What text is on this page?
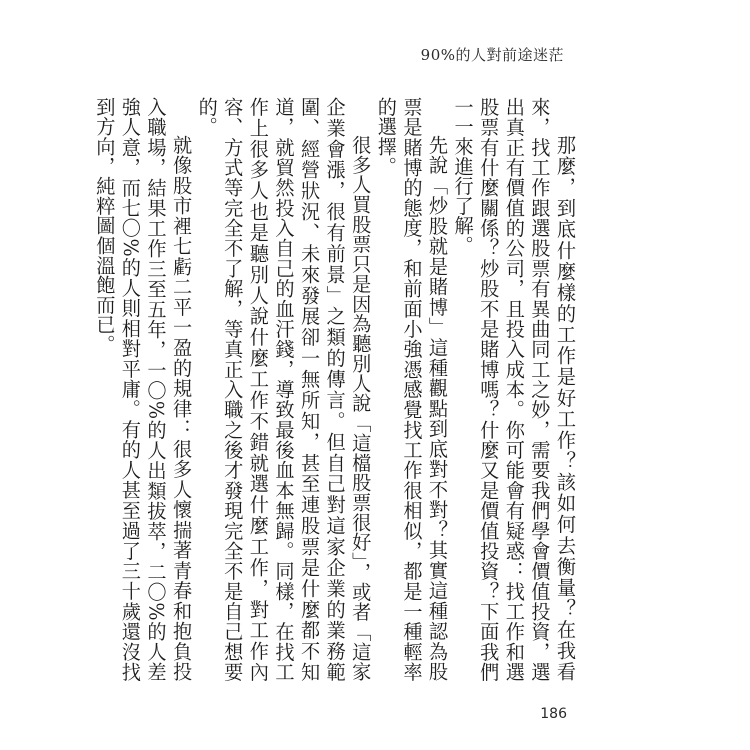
90%的人對前途迷茫

那麼，到底什麼樣的工作是好工作？該如何去衡量？在我看來，找工作跟選股票有異曲同工之妙，需要我們學會價值投資，選出真正有價值的公司，且投入成本。你可能會有疑惑：找工作和選股票有什麼關係？炒股不是賭博嗎？什麼又是價值投資？下面我們一一來進行了解。

先說「炒股就是賭博」這種觀點到底對不對？其實這種認為股票是賭博的態度，和前面小強憑感覺找工作很相似，都是一種輕率的選擇。

很多人買股票只是因為聽別人說「這檔股票很好」，或者「這家企業會漲，很有前景」之類的傳言。但自己對這家企業的業務範圍、經營狀況、未來發展卻一無所知，甚至連股票是什麼都不知道，就貿然投入自己的血汗錢，導致最後血本無歸。同樣，在找工作上很多人也是聽別人說什麼工作不錯就選什麼工作，對工作內容、方式等完全不了解，等真正入職之後才發現完全不是自己想要的。

就像股市裡七虧二平一盈的規律：很多人懷揣著青春和抱負投入職場，結果工作三至五年，一〇%的人出類拔萃，二〇%的人差強人意，而七〇%的人則相對平庸。有的人甚至過了三十歲還沒找到方向，純粹圖個溫飽而已。

186
